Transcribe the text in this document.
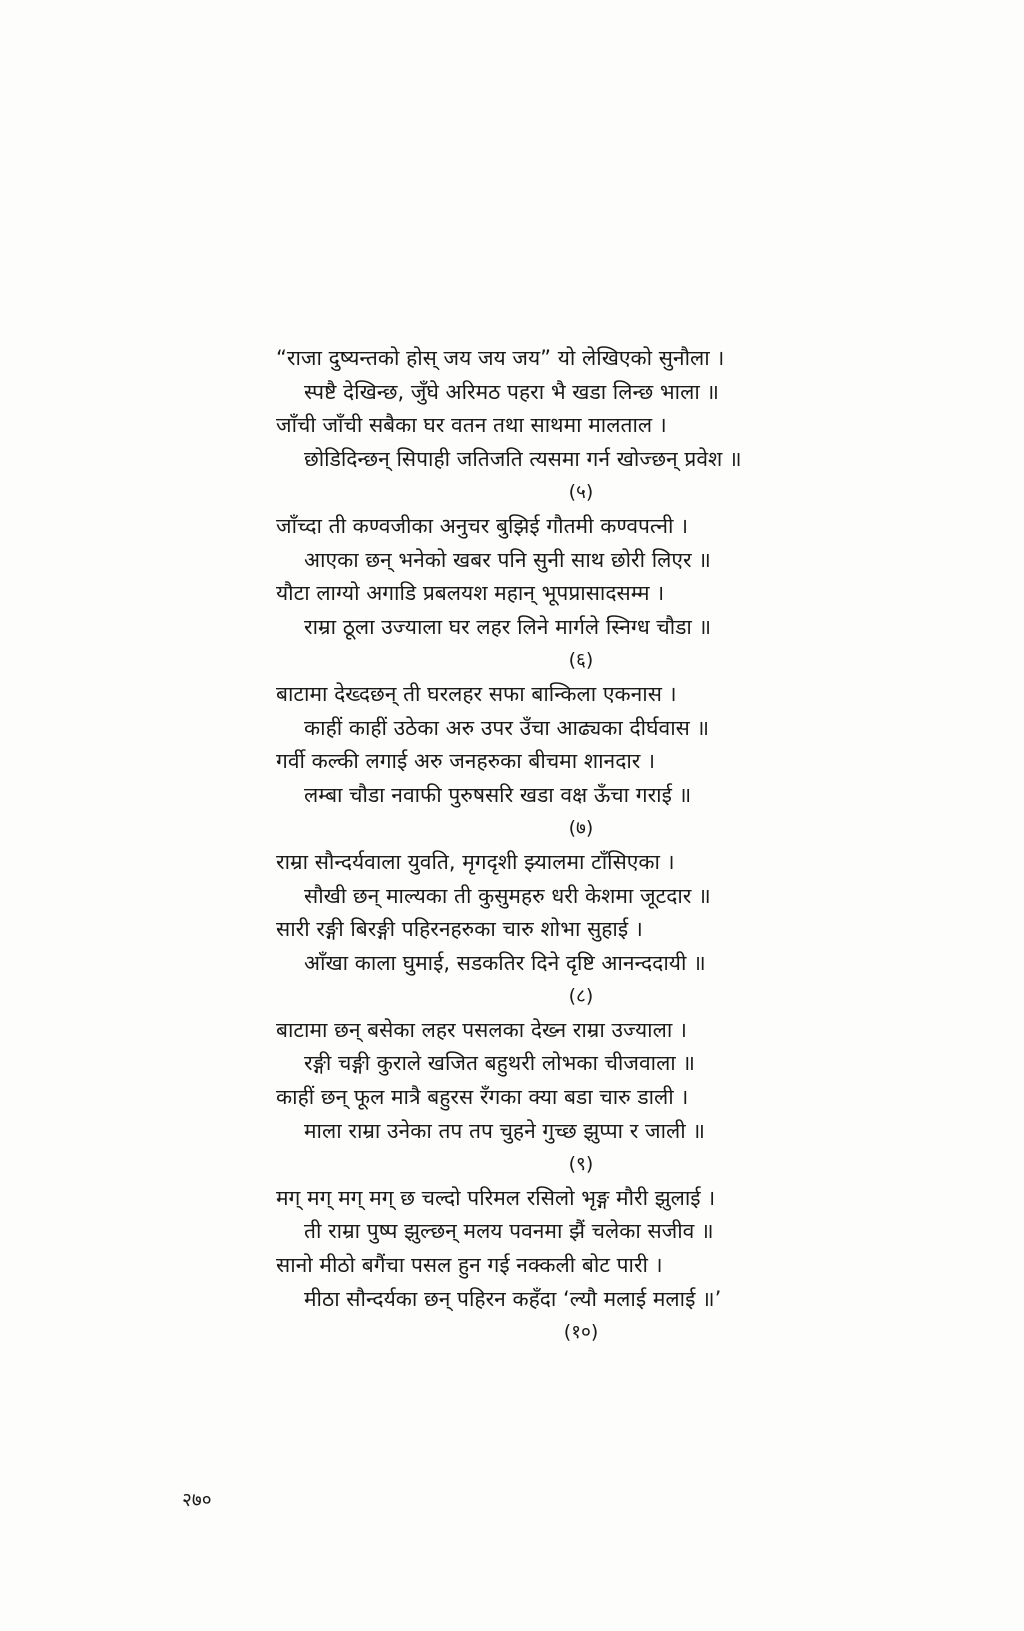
“राजा दुष्यन्तको होस् जय जय जय” यो लेखिएको सुनौला ।
स्पष्टै देखिन्छ, जुँघे अरिमठ पहरा भै खडा लिन्छ भाला ॥
जाँची जाँची सबैका घर वतन तथा साथमा मालताल ।
छोडिदिन्छन् सिपाही जतिजति त्यसमा गर्न खोज्छन् प्रवेश ॥
(५)
जाँच्दा ती कण्वजीका अनुचर बुझिई गौतमी कण्वपत्नी ।
आएका छन् भनेको खबर पनि सुनी साथ छोरी लिएर ॥
यौटा लाग्यो अगाडि प्रबलयश महान् भूपप्रासादसम्म ।
राम्रा ठूला उज्याला घर लहर लिने मार्गले स्निग्ध चौडा ॥
(६)
बाटामा देख्दछन् ती घरलहर सफा बान्किला एकनास ।
काहीं काहीं उठेका अरु उपर उँचा आढ्यका दीर्घवास ॥
गर्वी कल्की लगाई अरु जनहरुका बीचमा शानदार ।
लम्बा चौडा नवाफी पुरुषसरि खडा वक्ष ऊँचा गराई ॥
(७)
राम्रा सौन्दर्यवाला युवति, मृगदृशी झ्यालमा टाँसिएका ।
सौखी छन् माल्यका ती कुसुमहरु धरी केशमा जूटदार ॥
सारी रङ्गी बिरङ्गी पहिरनहरुका चारु शोभा सुहाई ।
आँखा काला घुमाई, सडकतिर दिने दृष्टि आनन्ददायी ॥
(८)
बाटामा छन् बसेका लहर पसलका देख्न राम्रा उज्याला ।
रङ्गी चङ्गी कुराले खजित बहुथरी लोभका चीजवाला ॥
काहीं छन् फूल मात्रै बहुरस रँगका क्या बडा चारु डाली ।
माला राम्रा उनेका तप तप चुहने गुच्छ झुप्पा र जाली ॥
(९)
मग् मग् मग् मग् छ चल्दो परिमल रसिलो भृङ्ग मौरी झुलाई ।
ती राम्रा पुष्प झुल्छन् मलय पवनमा झैं चलेका सजीव ॥
सानो मीठो बगैंचा पसल हुन गई नक्कली बोट पारी ।
मीठा सौन्दर्यका छन् पहिरन कहँदा ‘ल्यौ मलाई मलाई ॥’
(१०)
२७०
